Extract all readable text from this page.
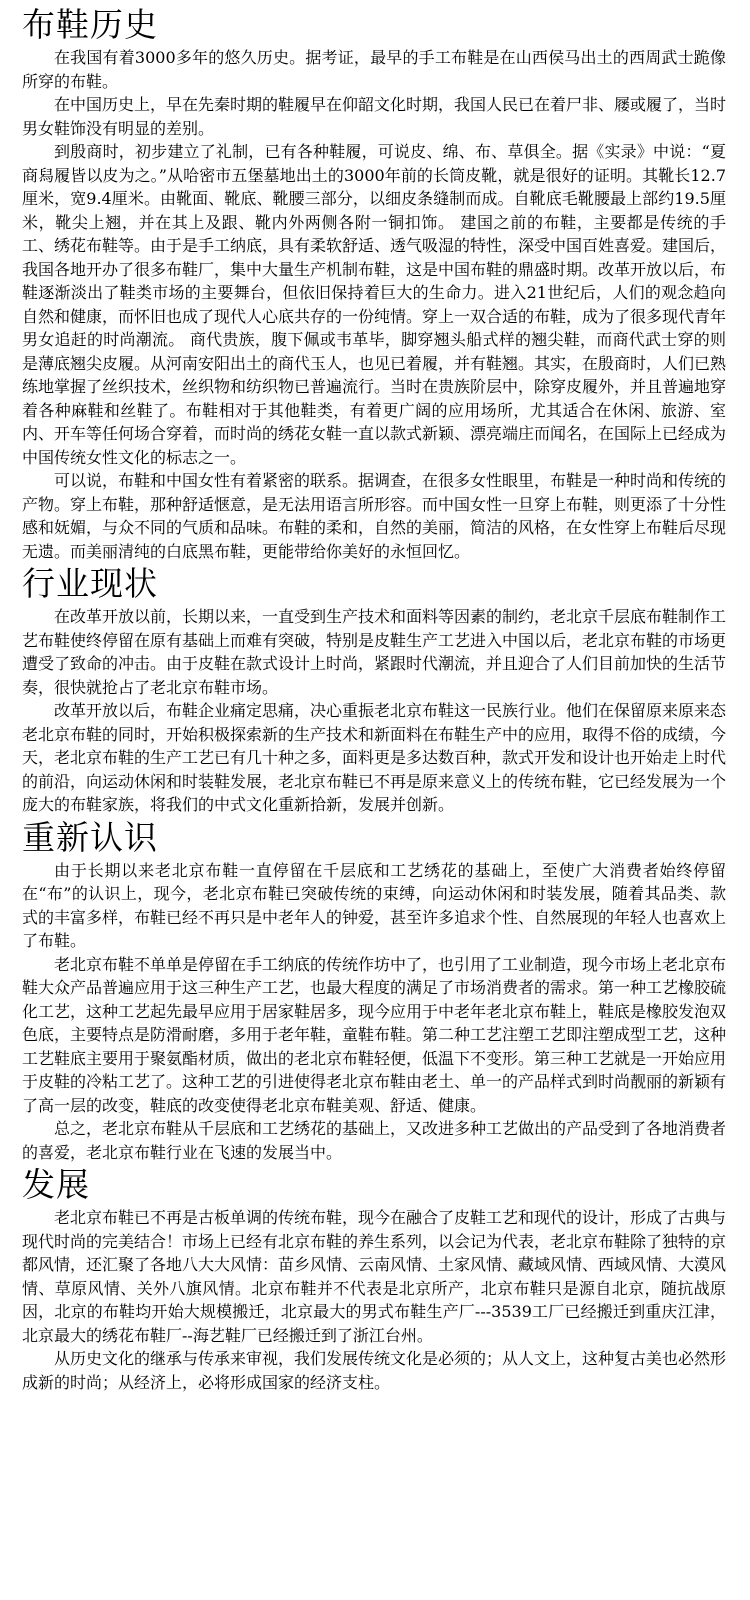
布鞋历史

在我国有着3000多年的悠久历史。据考证，最早的手工布鞋是在山西侯马出土的西周武士跪像所穿的布鞋。

在中国历史上，早在先秦时期的鞋履早在仰韶文化时期，我国人民已在着尸非、屦或履了，当时男女鞋饰没有明显的差别。

到殷商时，初步建立了礼制，已有各种鞋履，可说皮、绵、布、草俱全。据《实录》中说：“夏商舄履皆以皮为之。”从哈密市五堡墓地出土的3000年前的长筒皮靴，就是很好的证明。其靴长12.7厘米，宽9.4厘米。由靴面、靴底、靴腰三部分，以细皮条缝制而成。自靴底毛靴腰最上部约19.5厘米，靴尖上翘，并在其上及跟、靴内外两侧各附一铜扣饰。 建国之前的布鞋，主要都是传统的手工、绣花布鞋等。由于是手工纳底，具有柔软舒适、透气吸湿的特性，深受中国百姓喜爱。建国后，我国各地开办了很多布鞋厂，集中大量生产机制布鞋，这是中国布鞋的鼎盛时期。改革开放以后，布鞋逐渐淡出了鞋类市场的主要舞台，但依旧保持着巨大的生命力。进入21世纪后，人们的观念趋向自然和健康，而怀旧也成了现代人心底共存的一份纯情。穿上一双合适的布鞋，成为了很多现代青年男女追赶的时尚潮流。 商代贵族，腹下佩或韦革毕，脚穿翘头船式样的翘尖鞋，而商代武士穿的则是薄底翘尖皮履。从河南安阳出土的商代玉人，也见已着履，并有鞋翘。其实，在殷商时，人们已熟练地掌握了丝织技术，丝织物和纺织物已普遍流行。当时在贵族阶层中，除穿皮履外，并且普遍地穿着各种麻鞋和丝鞋了。布鞋相对于其他鞋类，有着更广阔的应用场所，尤其适合在休闲、旅游、室内、开车等任何场合穿着，而时尚的绣花女鞋一直以款式新颖、漂亮端庄而闻名，在国际上已经成为中国传统女性文化的标志之一。

可以说，布鞋和中国女性有着紧密的联系。据调查，在很多女性眼里，布鞋是一种时尚和传统的产物。穿上布鞋，那种舒适惬意，是无法用语言所形容。而中国女性一旦穿上布鞋，则更添了十分性感和妩媚，与众不同的气质和品味。布鞋的柔和，自然的美丽，简洁的风格，在女性穿上布鞋后尽现无遗。而美丽清纯的白底黑布鞋，更能带给你美好的永恒回忆。

行业现状

在改革开放以前，长期以来，一直受到生产技术和面料等因素的制约，老北京千层底布鞋制作工艺布鞋使终停留在原有基础上而难有突破，特别是皮鞋生产工艺进入中国以后，老北京布鞋的市场更遭受了致命的冲击。由于皮鞋在款式设计上时尚，紧跟时代潮流，并且迎合了人们目前加快的生活节奏，很快就抢占了老北京布鞋市场。

改革开放以后，布鞋企业痛定思痛，决心重振老北京布鞋这一民族行业。他们在保留原来原来态老北京布鞋的同时，开始积极探索新的生产技术和新面料在布鞋生产中的应用，取得不俗的成绩，今天，老北京布鞋的生产工艺已有几十种之多，面料更是多达数百种，款式开发和设计也开始走上时代的前沿，向运动休闲和时装鞋发展，老北京布鞋已不再是原来意义上的传统布鞋，它已经发展为一个庞大的布鞋家族，将我们的中式文化重新拾新，发展并创新。

重新认识

由于长期以来老北京布鞋一直停留在千层底和工艺绣花的基础上，至使广大消费者始终停留在“布”的认识上，现今，老北京布鞋已突破传统的束缚，向运动休闲和时装发展，随着其品类、款式的丰富多样，布鞋已经不再只是中老年人的钟爱，甚至许多追求个性、自然展现的年轻人也喜欢上了布鞋。

老北京布鞋不单单是停留在手工纳底的传统作坊中了，也引用了工业制造，现今市场上老北京布鞋大众产品普遍应用于这三种生产工艺，也最大程度的满足了市场消费者的需求。第一种工艺橡胶硫化工艺，这种工艺起先最早应用于居家鞋居多，现今应用于中老年老北京布鞋上，鞋底是橡胶发泡双色底，主要特点是防滑耐磨，多用于老年鞋，童鞋布鞋。第二种工艺注塑工艺即注塑成型工艺，这种工艺鞋底主要用于聚氨酯材质，做出的老北京布鞋轻便，低温下不变形。第三种工艺就是一开始应用于皮鞋的冷粘工艺了。这种工艺的引进使得老北京布鞋由老土、单一的产品样式到时尚靓丽的新颖有了高一层的改变，鞋底的改变使得老北京布鞋美观、舒适、健康。

总之，老北京布鞋从千层底和工艺绣花的基础上，又改进多种工艺做出的产品受到了各地消费者的喜爱，老北京布鞋行业在飞速的发展当中。

发展

老北京布鞋已不再是古板单调的传统布鞋，现今在融合了皮鞋工艺和现代的设计，形成了古典与现代时尚的完美结合！市场上已经有北京布鞋的养生系列，以会记为代表，老北京布鞋除了独特的京都风情，还汇聚了各地八大大风情：苗乡风情、云南风情、土家风情、藏域风情、西域风情、大漠风情、草原风情、关外八旗风情。北京布鞋并不代表是北京所产，北京布鞋只是源自北京，随抗战原因，北京的布鞋均开始大规模搬迁，北京最大的男式布鞋生产厂---3539工厂已经搬迁到重庆江津，北京最大的绣花布鞋厂--海艺鞋厂已经搬迁到了浙江台州。

从历史文化的继承与传承来审视，我们发展传统文化是必须的；从人文上，这种复古美也必然形成新的时尚；从经济上，必将形成国家的经济支柱。
